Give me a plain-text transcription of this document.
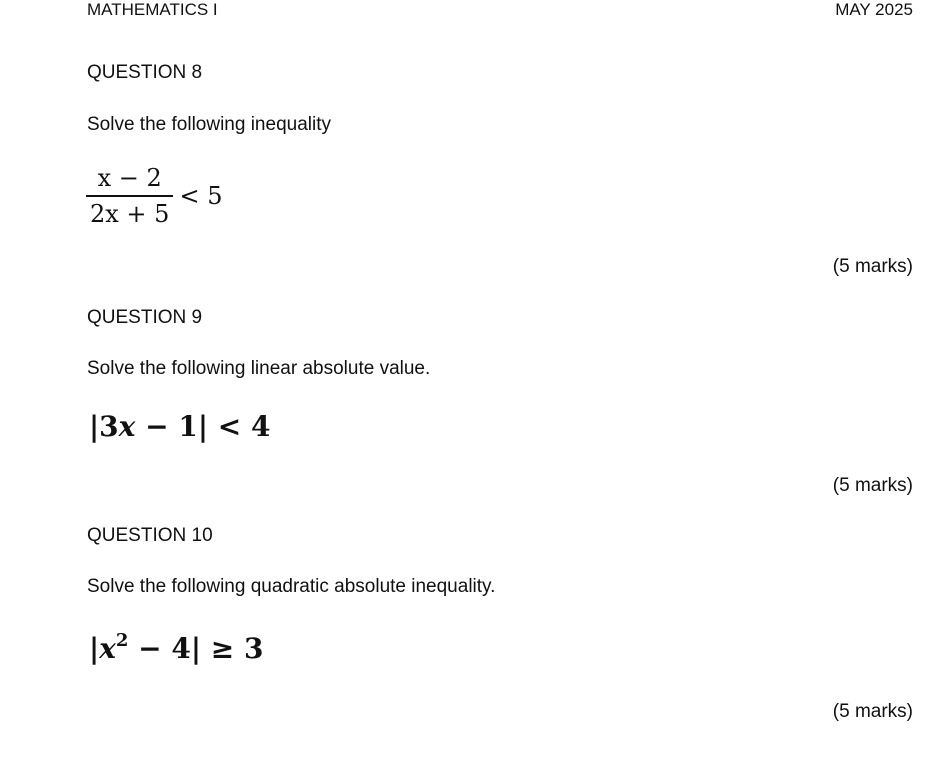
MATHEMATICS I	MAY 2025
QUESTION 8
Solve the following inequality
$\frac{x - 2}{2x + 5} < 5$
(5 marks)
QUESTION 9
Solve the following linear absolute value.
|3x − 1| < 4
(5 marks)
QUESTION 10
Solve the following quadratic absolute inequality.
$|x^2 - 4| \ge 3$
(5 marks)
